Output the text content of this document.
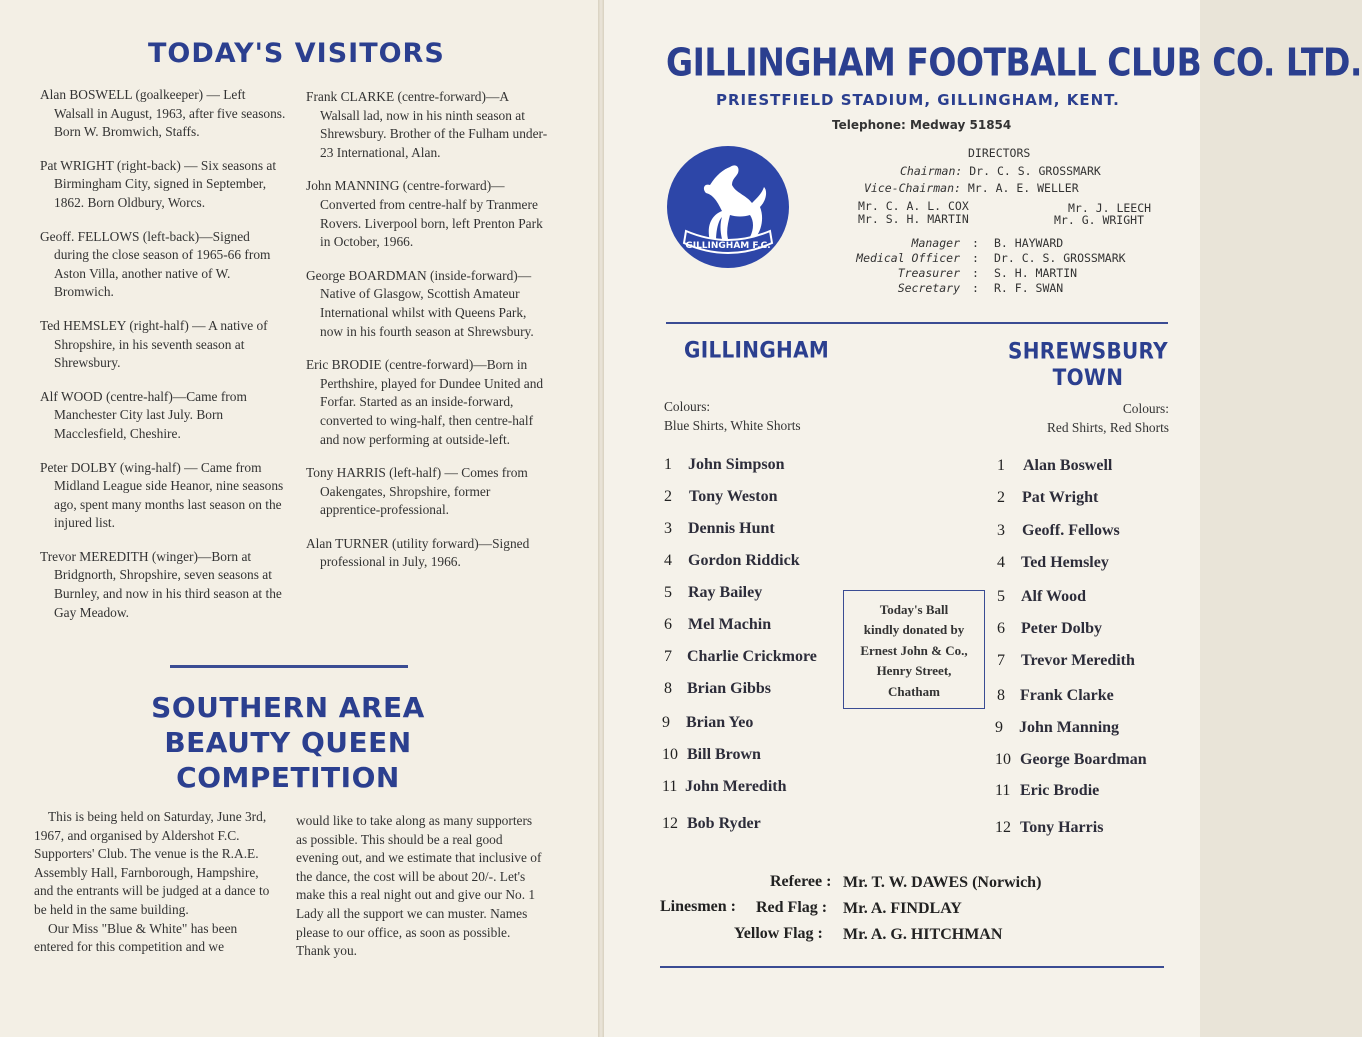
TODAY'S VISITORS

Alan BOSWELL (goalkeeper) — Left Walsall in August, 1963, after five seasons. Born W. Bromwich, Staffs.

Pat WRIGHT (right-back) — Six seasons at Birmingham City, signed in September, 1862. Born Oldbury, Worcs.

Geoff. FELLOWS (left-back)—Signed during the close season of 1965-66 from Aston Villa, another native of W. Bromwich.

Ted HEMSLEY (right-half) — A native of Shropshire, in his seventh season at Shrewsbury.

Alf WOOD (centre-half)—Came from Manchester City last July. Born Macclesfield, Cheshire.

Peter DOLBY (wing-half) — Came from Midland League side Heanor, nine seasons ago, spent many months last season on the injured list.

Trevor MEREDITH (winger)—Born at Bridgnorth, Shropshire, seven seasons at Burnley, and now in his third season at the Gay Meadow.

Frank CLARKE (centre-forward)—A Walsall lad, now in his ninth season at Shrewsbury. Brother of the Fulham under-23 International, Alan.

John MANNING (centre-forward)—Converted from centre-half by Tranmere Rovers. Liverpool born, left Prenton Park in October, 1966.

George BOARDMAN (inside-forward)—Native of Glasgow, Scottish Amateur International whilst with Queens Park, now in his fourth season at Shrewsbury.

Eric BRODIE (centre-forward)—Born in Perthshire, played for Dundee United and Forfar. Started as an inside-forward, converted to wing-half, then centre-half and now performing at outside-left.

Tony HARRIS (left-half) — Comes from Oakengates, Shropshire, former apprentice-professional.

Alan TURNER (utility forward)—Signed professional in July, 1966.

SOUTHERN AREA
BEAUTY QUEEN
COMPETITION

This is being held on Saturday, June 3rd, 1967, and organised by Aldershot F.C. Supporters' Club. The venue is the R.A.E. Assembly Hall, Farnborough, Hampshire, and the entrants will be judged at a dance to be held in the same building.

Our Miss "Blue & White" has been entered for this competition and we

would like to take along as many supporters as possible. This should be a real good evening out, and we estimate that inclusive of the dance, the cost will be about 20/-. Let's make this a real night out and give our No. 1 Lady all the support we can muster. Names please to our office, as soon as possible. Thank you.

GILLINGHAM FOOTBALL CLUB CO. LTD.
PRIESTFIELD STADIUM, GILLINGHAM, KENT.
Telephone: Medway 51854
GILLINGHAM F.C.
DIRECTORS
Chairman: Dr. C. S. GROSSMARK
Vice-Chairman: Mr. A. E. WELLER
Mr. C. A. L. COX
Mr. S. H. MARTIN
Mr. J. LEECH
Mr. G. WRIGHT
Manager
Medical Officer
Treasurer
Secretary
:
:
:
:
B. HAYWARD
Dr. C. S. GROSSMARK
S. H. MARTIN
R. F. SWAN
GILLINGHAM	SHREWSBURY
TOWN
Colours:
Blue Shirts, White Shorts
Colours:
Red Shirts, Red Shorts
1 John Simpson
2 Tony Weston
3 Dennis Hunt
4 Gordon Riddick
5 Ray Bailey
6 Mel Machin
7 Charlie Crickmore
8 Brian Gibbs
9 Brian Yeo
10 Bill Brown
11 John Meredith
12 Bob Ryder
Today's Ball
kindly donated by
Ernest John & Co.,
Henry Street,
Chatham
1 Alan Boswell
2 Pat Wright
3 Geoff. Fellows
4 Ted Hemsley
5 Alf Wood
6 Peter Dolby
7 Trevor Meredith
8 Frank Clarke
9 John Manning
10 George Boardman
11 Eric Brodie
12 Tony Harris
Referee : Mr. T. W. DAWES (Norwich)
Linesmen : Red Flag : Mr. A. FINDLAY
Yellow Flag : Mr. A. G. HITCHMAN
